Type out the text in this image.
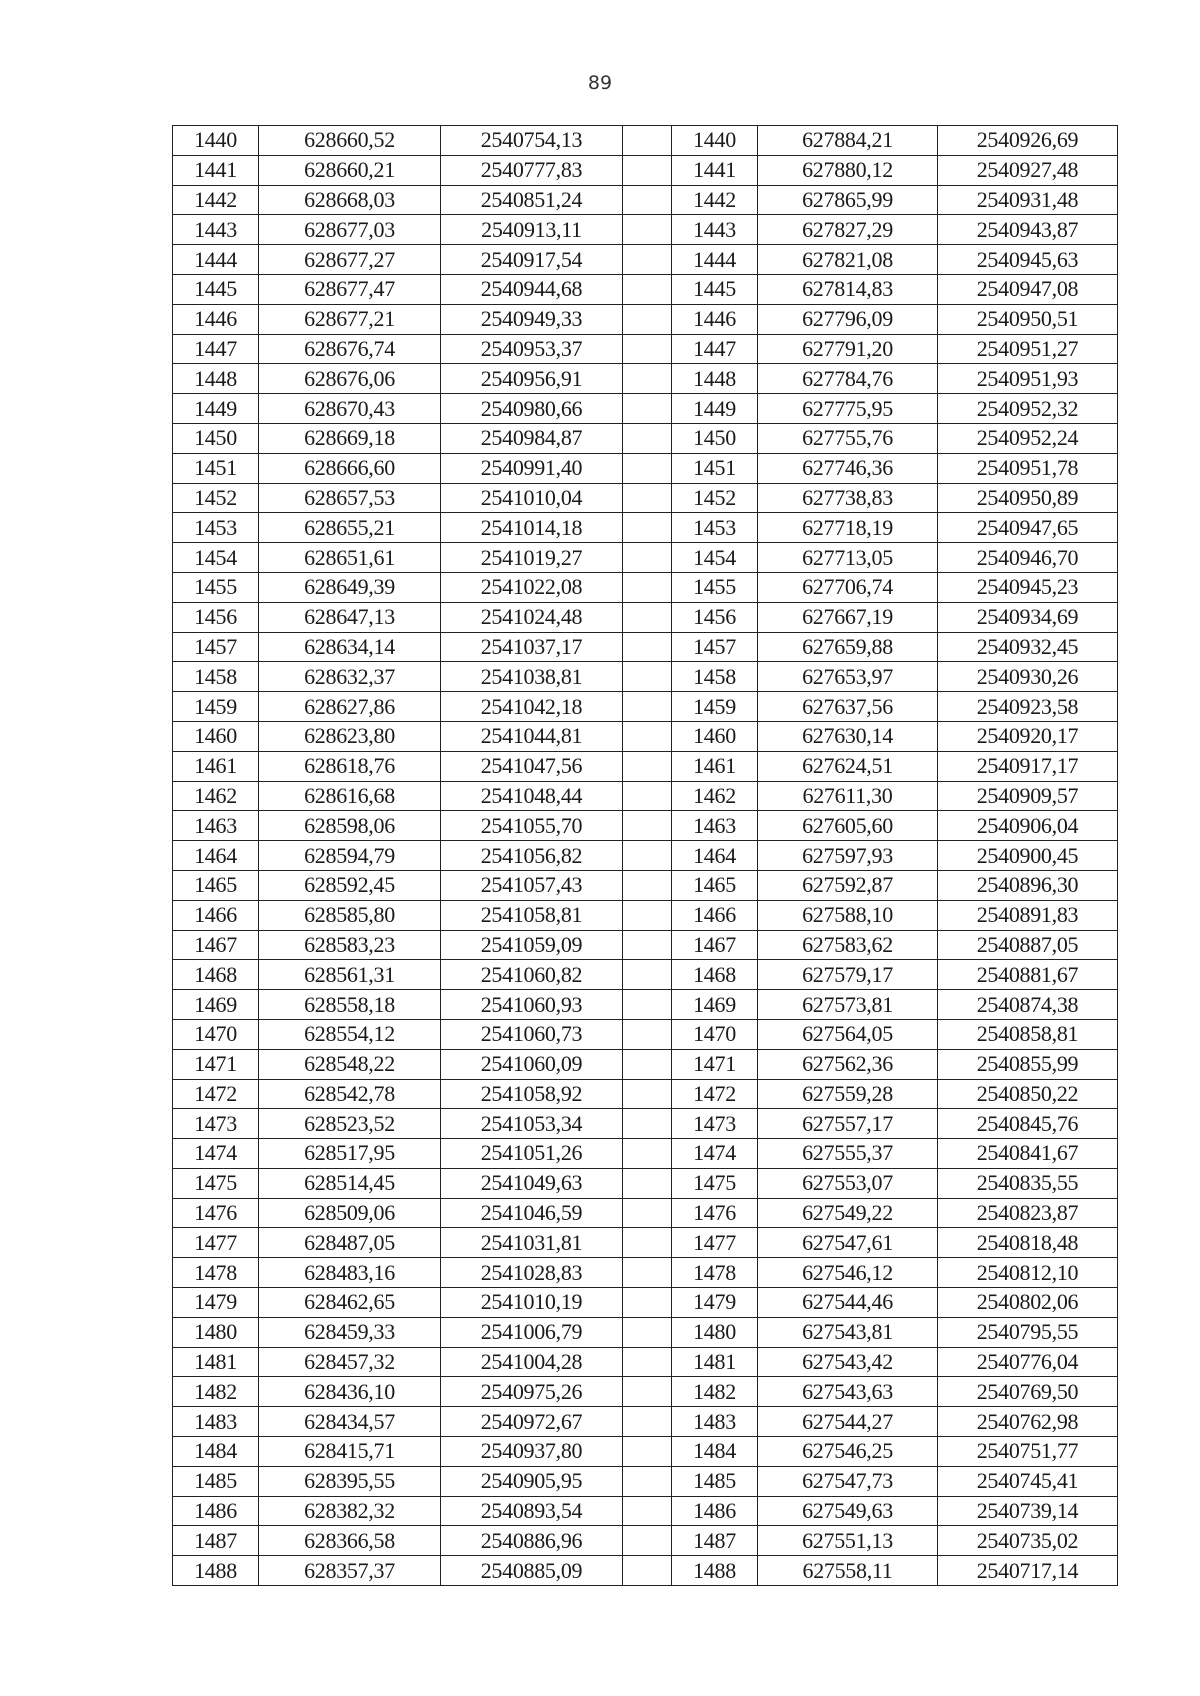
89
1440	628660,52	2540754,13		1440	627884,21	2540926,69
1441	628660,21	2540777,83		1441	627880,12	2540927,48
1442	628668,03	2540851,24		1442	627865,99	2540931,48
1443	628677,03	2540913,11		1443	627827,29	2540943,87
1444	628677,27	2540917,54		1444	627821,08	2540945,63
1445	628677,47	2540944,68		1445	627814,83	2540947,08
1446	628677,21	2540949,33		1446	627796,09	2540950,51
1447	628676,74	2540953,37		1447	627791,20	2540951,27
1448	628676,06	2540956,91		1448	627784,76	2540951,93
1449	628670,43	2540980,66		1449	627775,95	2540952,32
1450	628669,18	2540984,87		1450	627755,76	2540952,24
1451	628666,60	2540991,40		1451	627746,36	2540951,78
1452	628657,53	2541010,04		1452	627738,83	2540950,89
1453	628655,21	2541014,18		1453	627718,19	2540947,65
1454	628651,61	2541019,27		1454	627713,05	2540946,70
1455	628649,39	2541022,08		1455	627706,74	2540945,23
1456	628647,13	2541024,48		1456	627667,19	2540934,69
1457	628634,14	2541037,17		1457	627659,88	2540932,45
1458	628632,37	2541038,81		1458	627653,97	2540930,26
1459	628627,86	2541042,18		1459	627637,56	2540923,58
1460	628623,80	2541044,81		1460	627630,14	2540920,17
1461	628618,76	2541047,56		1461	627624,51	2540917,17
1462	628616,68	2541048,44		1462	627611,30	2540909,57
1463	628598,06	2541055,70		1463	627605,60	2540906,04
1464	628594,79	2541056,82		1464	627597,93	2540900,45
1465	628592,45	2541057,43		1465	627592,87	2540896,30
1466	628585,80	2541058,81		1466	627588,10	2540891,83
1467	628583,23	2541059,09		1467	627583,62	2540887,05
1468	628561,31	2541060,82		1468	627579,17	2540881,67
1469	628558,18	2541060,93		1469	627573,81	2540874,38
1470	628554,12	2541060,73		1470	627564,05	2540858,81
1471	628548,22	2541060,09		1471	627562,36	2540855,99
1472	628542,78	2541058,92		1472	627559,28	2540850,22
1473	628523,52	2541053,34		1473	627557,17	2540845,76
1474	628517,95	2541051,26		1474	627555,37	2540841,67
1475	628514,45	2541049,63		1475	627553,07	2540835,55
1476	628509,06	2541046,59		1476	627549,22	2540823,87
1477	628487,05	2541031,81		1477	627547,61	2540818,48
1478	628483,16	2541028,83		1478	627546,12	2540812,10
1479	628462,65	2541010,19		1479	627544,46	2540802,06
1480	628459,33	2541006,79		1480	627543,81	2540795,55
1481	628457,32	2541004,28		1481	627543,42	2540776,04
1482	628436,10	2540975,26		1482	627543,63	2540769,50
1483	628434,57	2540972,67		1483	627544,27	2540762,98
1484	628415,71	2540937,80		1484	627546,25	2540751,77
1485	628395,55	2540905,95		1485	627547,73	2540745,41
1486	628382,32	2540893,54		1486	627549,63	2540739,14
1487	628366,58	2540886,96		1487	627551,13	2540735,02
1488	628357,37	2540885,09		1488	627558,11	2540717,14
